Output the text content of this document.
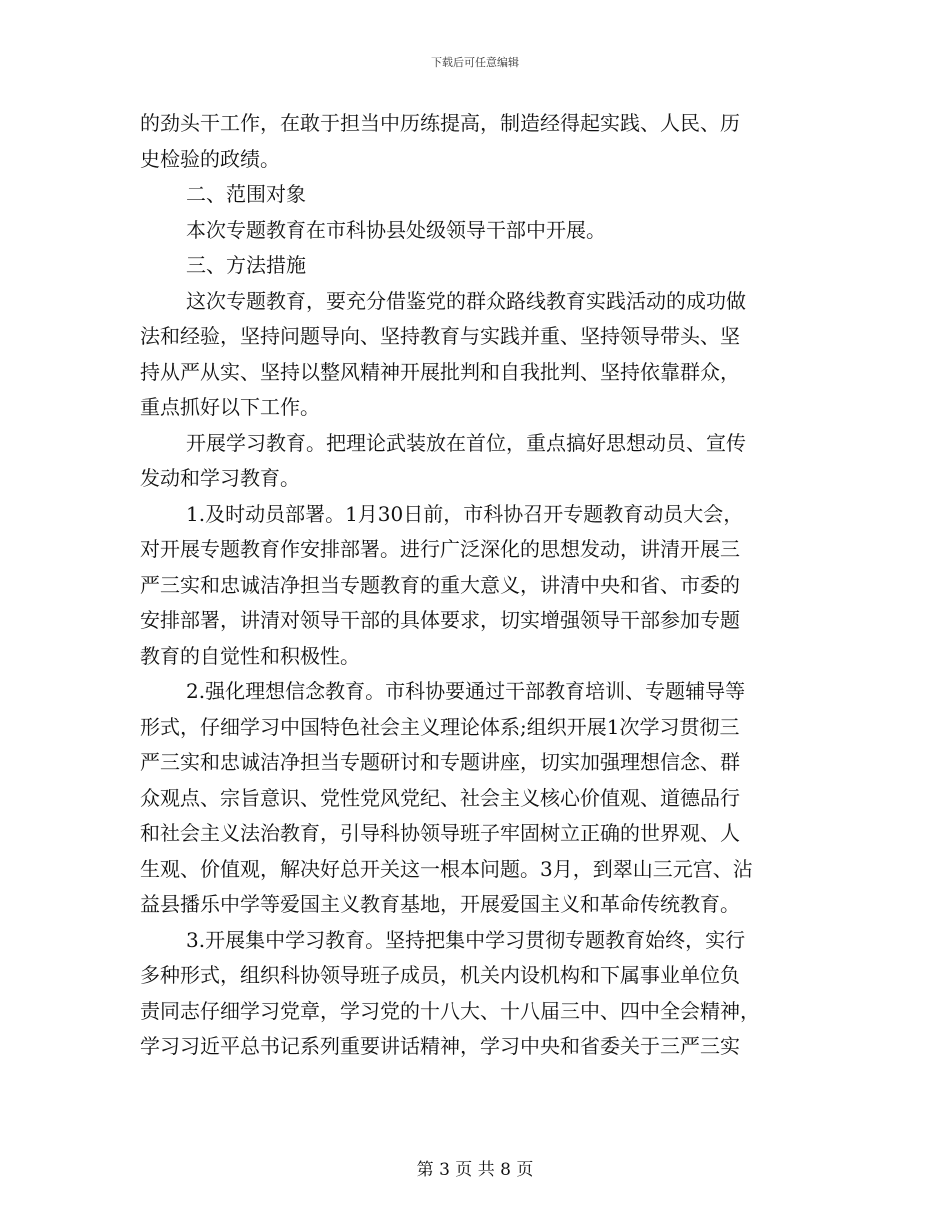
下载后可任意编辑
的劲头干工作，在敢于担当中历练提高，制造经得起实践、人民、历
史检验的政绩。
二、范围对象
本次专题教育在市科协县处级领导干部中开展。
三、方法措施
这次专题教育，要充分借鉴党的群众路线教育实践活动的成功做
法和经验，坚持问题导向、坚持教育与实践并重、坚持领导带头、坚
持从严从实、坚持以整风精神开展批判和自我批判、坚持依靠群众，
重点抓好以下工作。
开展学习教育。把理论武装放在首位，重点搞好思想动员、宣传
发动和学习教育。
1.及时动员部署。1月30日前，市科协召开专题教育动员大会，
对开展专题教育作安排部署。进行广泛深化的思想发动，讲清开展三
严三实和忠诚洁净担当专题教育的重大意义，讲清中央和省、市委的
安排部署，讲清对领导干部的具体要求，切实增强领导干部参加专题
教育的自觉性和积极性。
2.强化理想信念教育。市科协要通过干部教育培训、专题辅导等
形式，仔细学习中国特色社会主义理论体系;组织开展1次学习贯彻三
严三实和忠诚洁净担当专题研讨和专题讲座，切实加强理想信念、群
众观点、宗旨意识、党性党风党纪、社会主义核心价值观、道德品行
和社会主义法治教育，引导科协领导班子牢固树立正确的世界观、人
生观、价值观，解决好总开关这一根本问题。3月，到翠山三元宫、沾
益县播乐中学等爱国主义教育基地，开展爱国主义和革命传统教育。
3.开展集中学习教育。坚持把集中学习贯彻专题教育始终，实行
多种形式，组织科协领导班子成员，机关内设机构和下属事业单位负
责同志仔细学习党章，学习党的十八大、十八届三中、四中全会精神，
学习习近平总书记系列重要讲话精神，学习中央和省委关于三严三实
第 3 页 共 8 页
